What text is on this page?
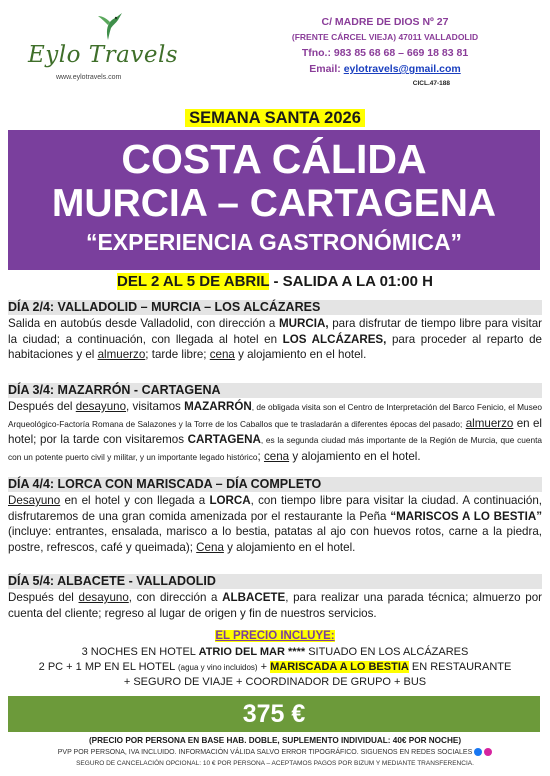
Eylo Travels
www.eylotravels.com
C/ MADRE DE DIOS Nº 27
(FRENTE CÁRCEL VIEJA) 47011 VALLADOLID
Tfno.: 983 85 68 68 – 669 18 83 81
Email: eylotravels@gmail.com
CICL.47-188
SEMANA SANTA 2026
COSTA CÁLIDA
MURCIA – CARTAGENA
“EXPERIENCIA GASTRONÓMICA”
DEL 2 AL 5 DE ABRIL - SALIDA A LA 01:00 H
DÍA 2/4: VALLADOLID – MURCIA – LOS ALCÁZARES

Salida en autobús desde Valladolid, con dirección a MURCIA, para disfrutar de tiempo libre para visitar la ciudad; a continuación, con llegada al hotel en LOS ALCÁZARES, para proceder al reparto de habitaciones y el almuerzo; tarde libre; cena y alojamiento en el hotel.

DÍA 3/4: MAZARRÓN - CARTAGENA

Después del desayuno, visitamos MAZARRÓN, de obligada visita son el Centro de Interpretación del Barco Fenicio, el Museo Arqueológico-Factoría Romana de Salazones y la Torre de los Caballos que te trasladarán a diferentes épocas del pasado; almuerzo en el hotel; por la tarde con visitaremos CARTAGENA, es la segunda ciudad más importante de la Región de Murcia, que cuenta con un potente puerto civil y militar, y un importante legado histórico; cena y alojamiento en el hotel.

DÍA 4/4: LORCA CON MARISCADA – DÍA COMPLETO

Desayuno en el hotel y con llegada a LORCA, con tiempo libre para visitar la ciudad. A continuación, disfrutaremos de una gran comida amenizada por el restaurante la Peña “MARISCOS A LO BESTIA” (incluye: entrantes, ensalada, marisco a lo bestia, patatas al ajo con huevos rotos, carne a la piedra, postre, refrescos, café y queimada); Cena y alojamiento en el hotel.

DÍA 5/4: ALBACETE - VALLADOLID

Después del desayuno, con dirección a ALBACETE, para realizar una parada técnica; almuerzo por cuenta del cliente; regreso al lugar de origen y fin de nuestros servicios.

EL PRECIO INCLUYE:
3 NOCHES EN HOTEL ATRIO DEL MAR **** SITUADO EN LOS ALCÁZARES
2 PC + 1 MP EN EL HOTEL (agua y vino incluidos) + MARISCADA A LO BESTIA EN RESTAURANTE
+ SEGURO DE VIAJE + COORDINADOR DE GRUPO + BUS
375 €
(PRECIO POR PERSONA EN BASE HAB. DOBLE, SUPLEMENTO INDIVIDUAL: 40€ POR NOCHE)
PVP POR PERSONA, IVA INCLUIDO. INFORMACIÓN VÁLIDA SALVO ERROR TIPOGRÁFICO. SIGUENOS EN REDES SOCIALES
SEGURO DE CANCELACIÓN OPCIONAL: 10 € POR PERSONA – ACEPTAMOS PAGOS POR BIZUM Y MEDIANTE TRANSFERENCIA.
